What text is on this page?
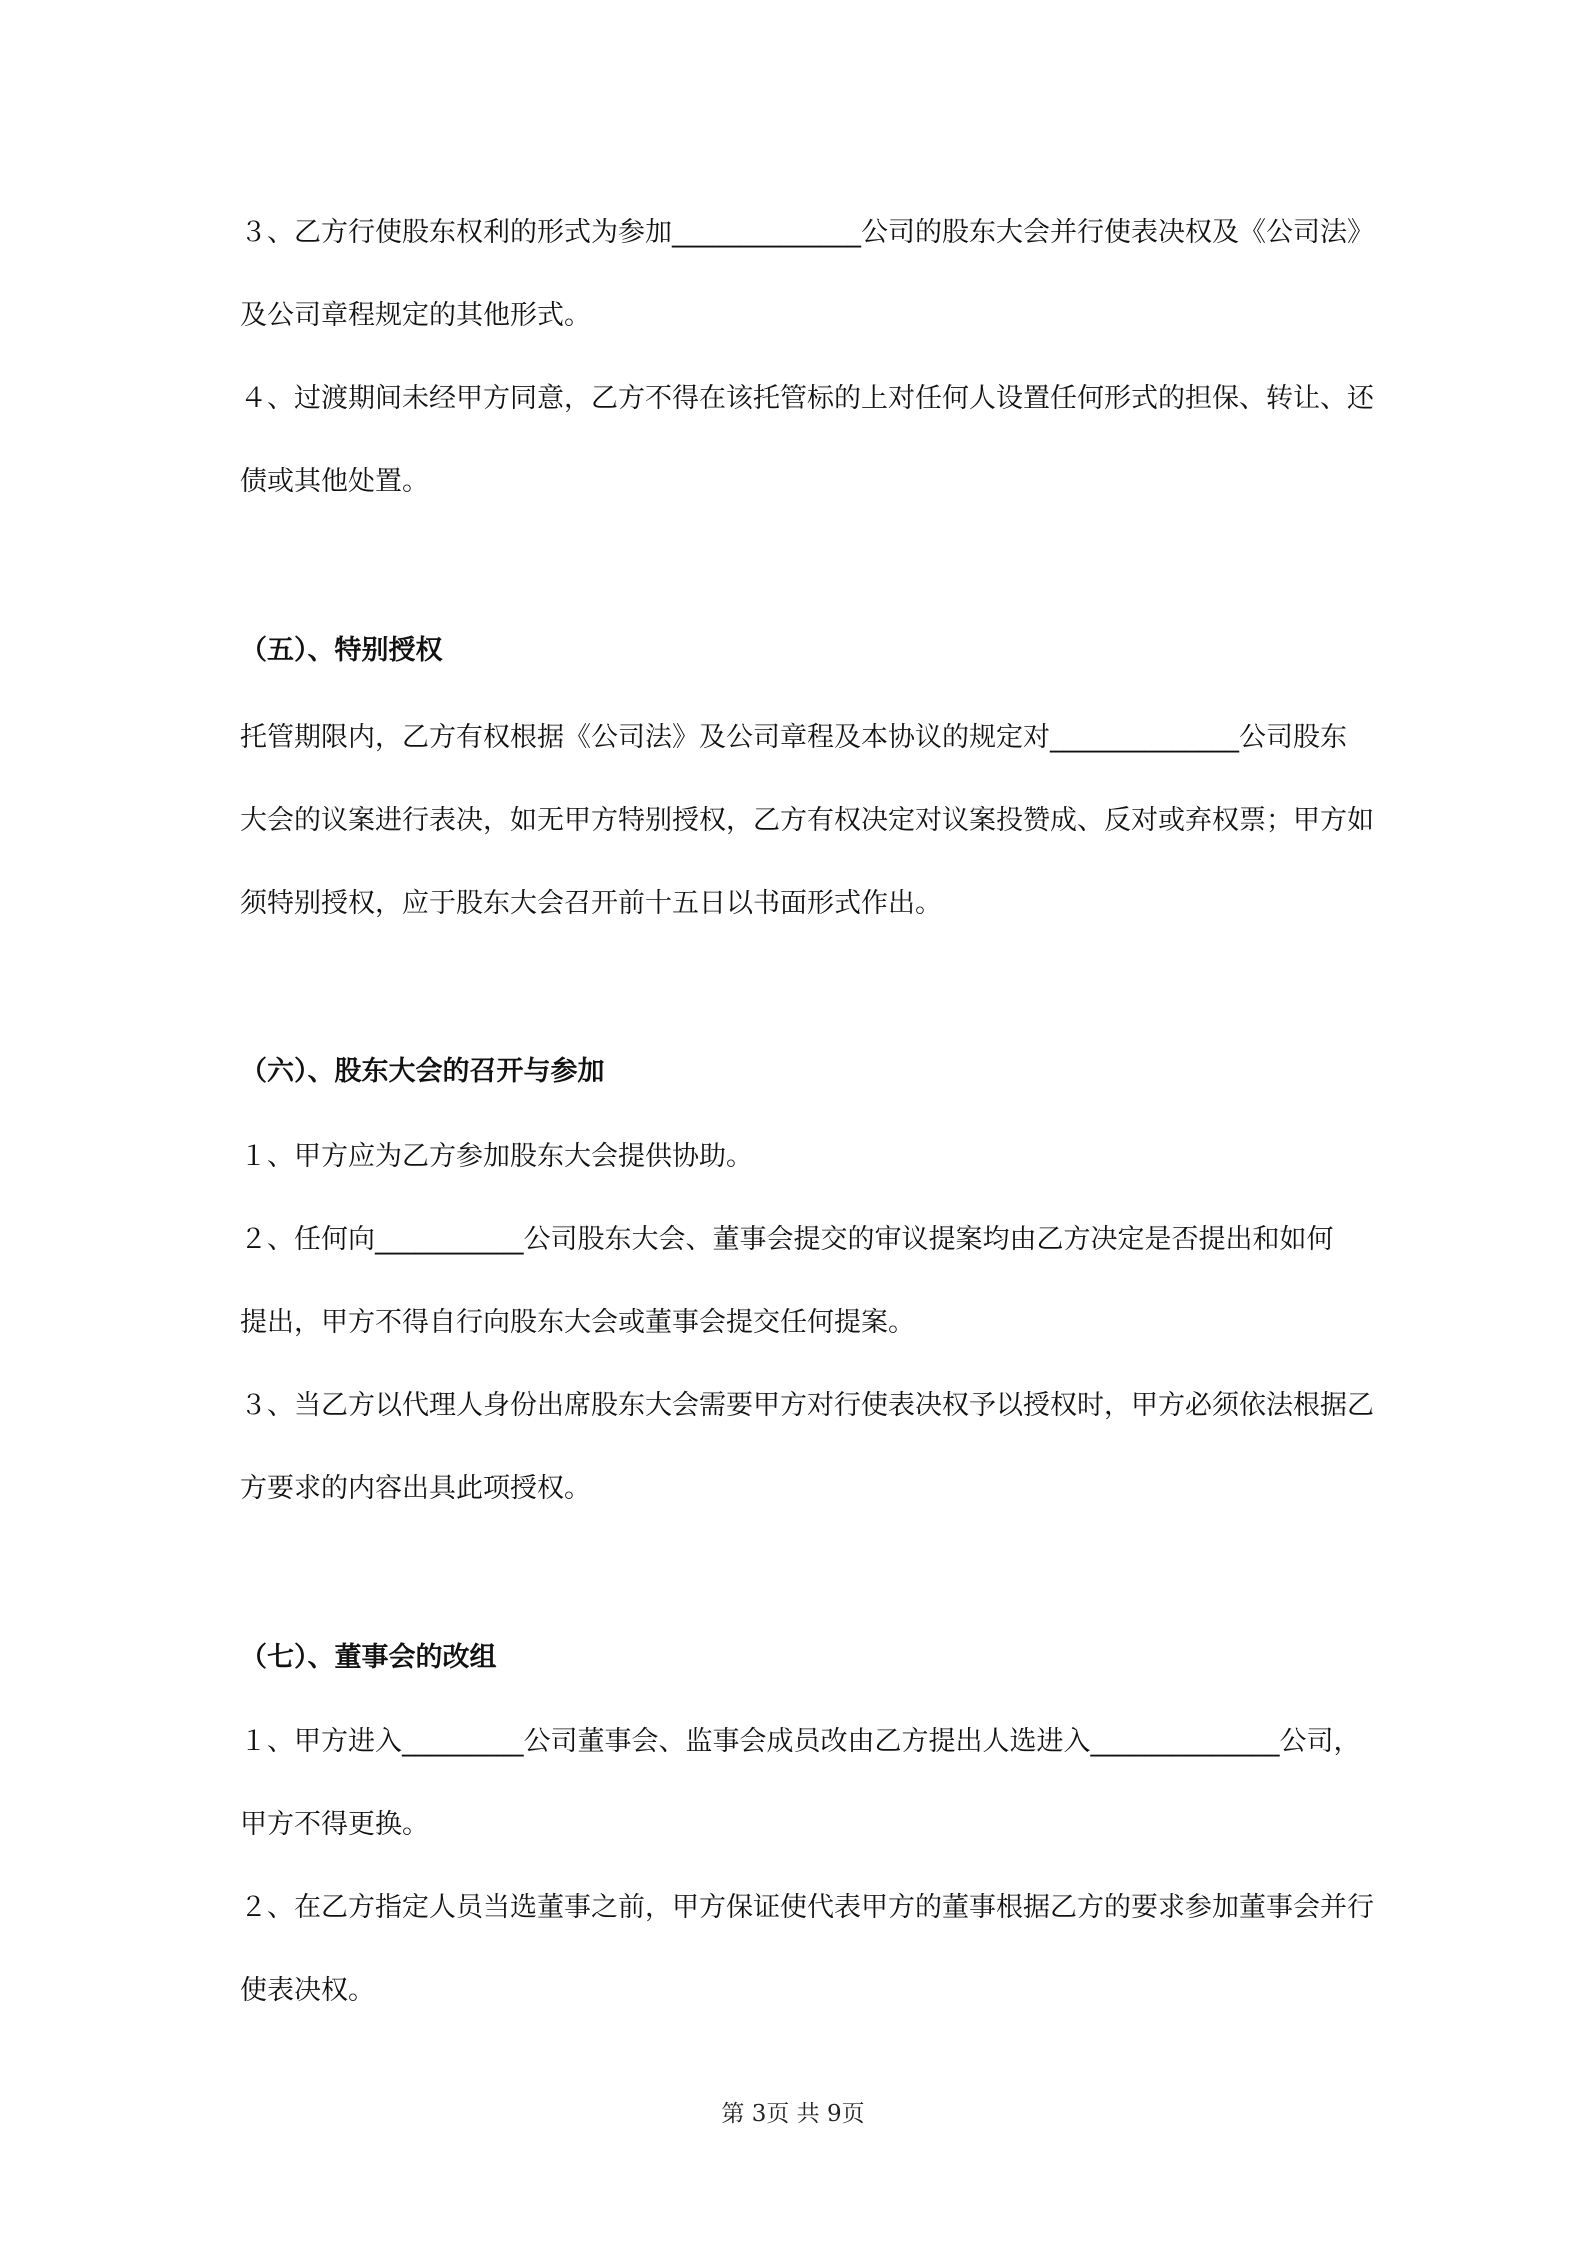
３、乙方行使股东权利的形式为参加______________公司的股东大会并行使表决权及《公司法》
及公司章程规定的其他形式。
４、过渡期间未经甲方同意，乙方不得在该托管标的上对任何人设置任何形式的担保、转让、还
债或其他处置。
（五）、特别授权
托管期限内，乙方有权根据《公司法》及公司章程及本协议的规定对______________公司股东
大会的议案进行表决，如无甲方特别授权，乙方有权决定对议案投赞成、反对或弃权票；甲方如
须特别授权，应于股东大会召开前十五日以书面形式作出。
（六）、股东大会的召开与参加
１、甲方应为乙方参加股东大会提供协助。
２、任何向___________公司股东大会、董事会提交的审议提案均由乙方决定是否提出和如何
提出，甲方不得自行向股东大会或董事会提交任何提案。
３、当乙方以代理人身份出席股东大会需要甲方对行使表决权予以授权时，甲方必须依法根据乙
方要求的内容出具此项授权。
（七）、董事会的改组
１、甲方进入_________公司董事会、监事会成员改由乙方提出人选进入______________公司，
甲方不得更换。
２、在乙方指定人员当选董事之前，甲方保证使代表甲方的董事根据乙方的要求参加董事会并行
使表决权。
第 3页 共 9页
